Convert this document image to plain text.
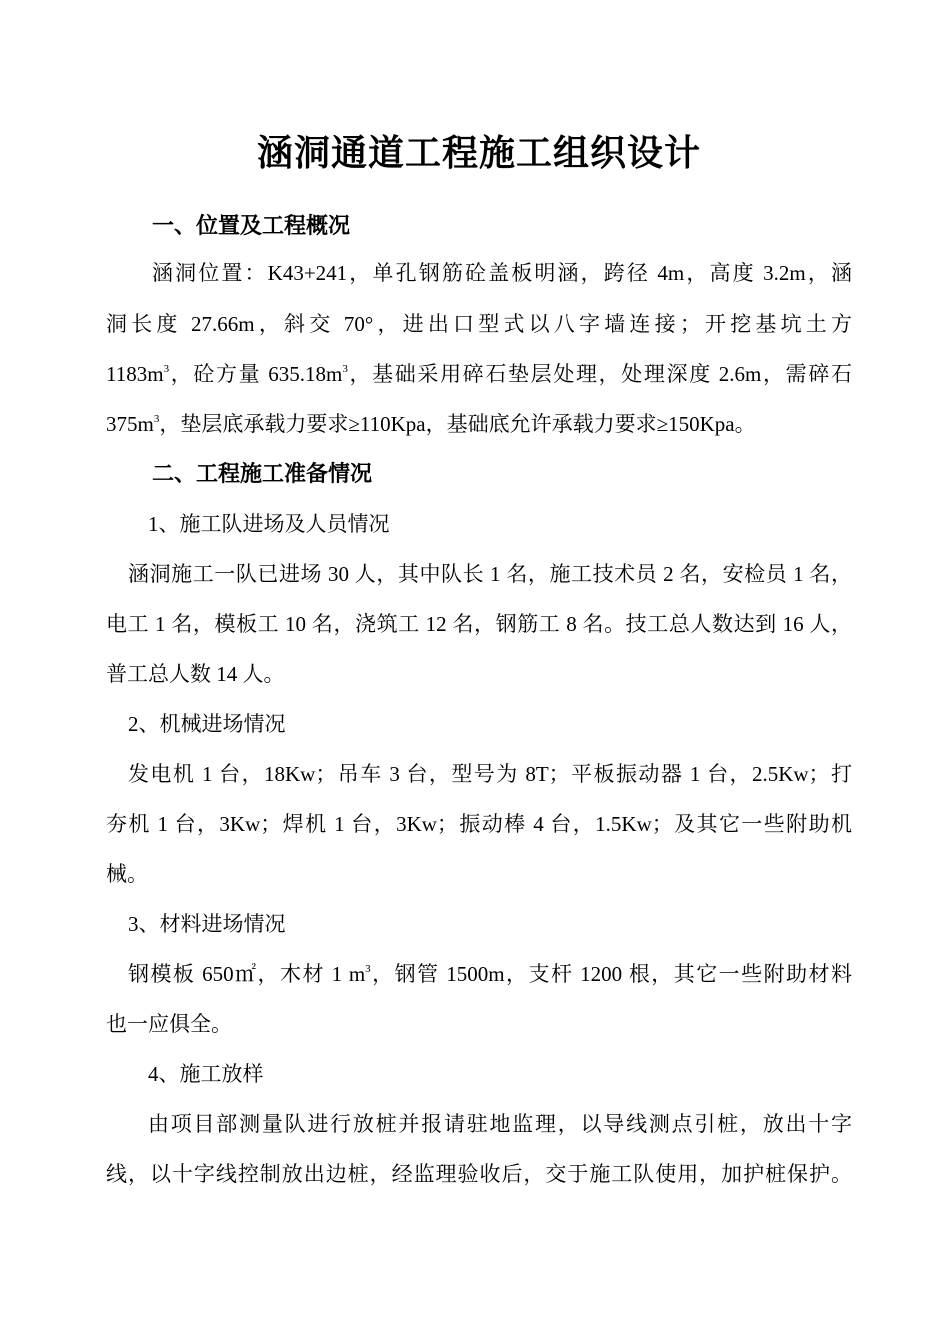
涵洞通道工程施工组织设计
一、位置及工程概况

涵洞位置：K43+241，单孔钢筋砼盖板明涵，跨径 4m，高度 3.2m，涵

洞长度 27.66m，斜交 70°，进出口型式以八字墙连接；开挖基坑土方

$1183m^3$，砼方量 $635.18m^3$，基础采用碎石垫层处理，处理深度 2.6m，需碎石

$375m^3$，垫层底承载力要求≥110Kpa，基础底允许承载力要求≥150Kpa。

二、工程施工准备情况

1、施工队进场及人员情况

涵洞施工一队已进场 30 人，其中队长 1 名，施工技术员 2 名，安检员 1 名，

电工 1 名，模板工 10 名，浇筑工 12 名，钢筋工 8 名。技工总人数达到 16 人，

普工总人数 14 人。

2、机械进场情况

发电机 1 台，18Kw；吊车 3 台，型号为 8T；平板振动器 1 台，2.5Kw；打

夯机 1 台，3Kw；焊机 1 台，3Kw；振动棒 4 台，1.5Kw；及其它一些附助机

械。

3、材料进场情况

钢模板 650㎡，木材 1 $m^3$，钢管 1500m，支杆 1200 根，其它一些附助材料

也一应俱全。

4、施工放样

由项目部测量队进行放桩并报请驻地监理，以导线测点引桩，放出十字

线，以十字线控制放出边桩，经监理验收后，交于施工队使用，加护桩保护。
